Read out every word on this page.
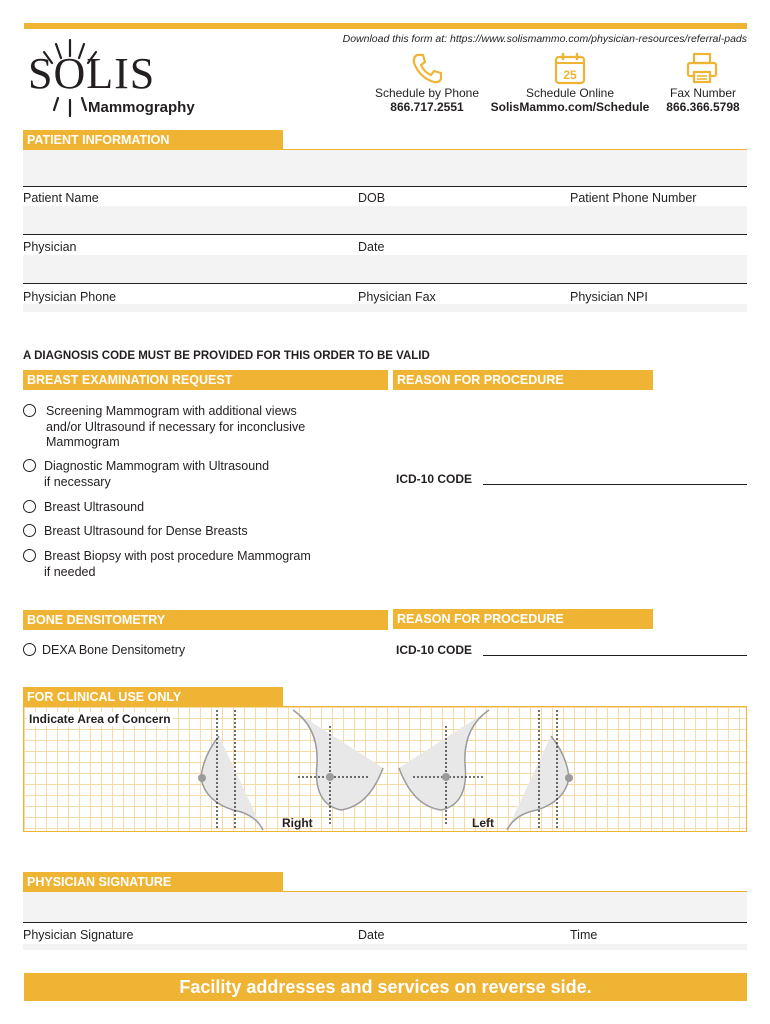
Download this form at: https://www.solismammo.com/physician-resources/referral-pads
SOLIS
Mammography
25
Schedule by Phone
866.717.2551
Schedule Online
SolisMammo.com/Schedule
Fax Number
866.366.5798
PATIENT INFORMATION
Patient Name	DOB	Patient Phone Number
Physician	Date
Physician Phone	Physician Fax	Physician NPI
A DIAGNOSIS CODE MUST BE PROVIDED FOR THIS ORDER TO BE VALID
BREAST EXAMINATION REQUEST	REASON FOR PROCEDURE
Screening Mammogram with additional views
and/or Ultrasound if necessary for inconclusive
Mammogram
Diagnostic Mammogram with Ultrasound
if necessary
Breast Ultrasound
Breast Ultrasound for Dense Breasts
Breast Biopsy with post procedure Mammogram
if needed
ICD-10 CODE
BONE DENSITOMETRY	REASON FOR PROCEDURE
DEXA Bone Densitometry	ICD-10 CODE
FOR CLINICAL USE ONLY
Indicate Area of Concern
Right	Left
PHYSICIAN SIGNATURE
Physician Signature	Date	Time
Facility addresses and services on reverse side.
